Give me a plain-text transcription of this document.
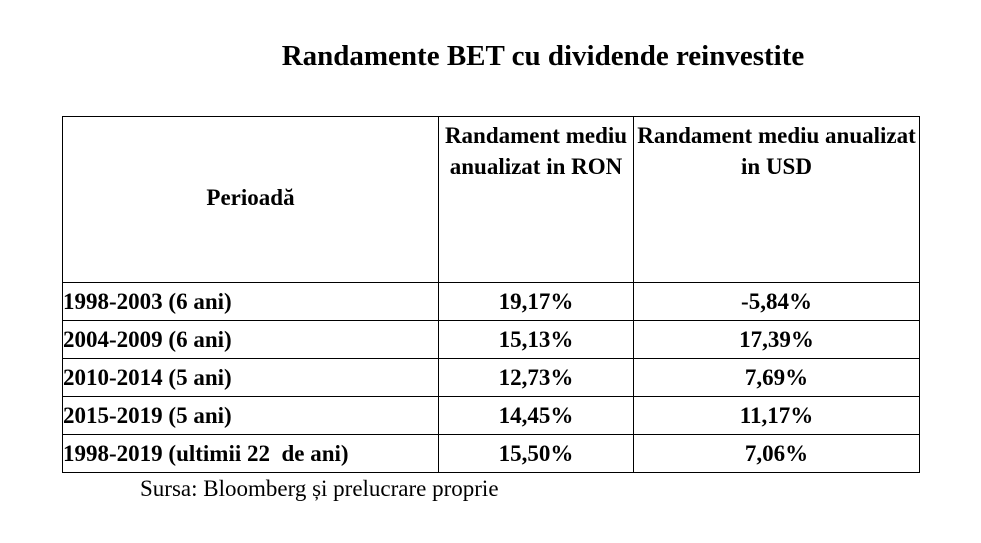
Randamente BET cu dividende reinvestite
Perioadă	Randament mediu anualizat in RON	Randament mediu anualizat in USD
1998-2003 (6 ani)	19,17%	-5,84%
2004-2009 (6 ani)	15,13%	17,39%
2010-2014 (5 ani)	12,73%	7,69%
2015-2019 (5 ani)	14,45%	11,17%
1998-2019 (ultimii 22  de ani)	15,50%	7,06%
Sursa: Bloomberg și prelucrare proprie
